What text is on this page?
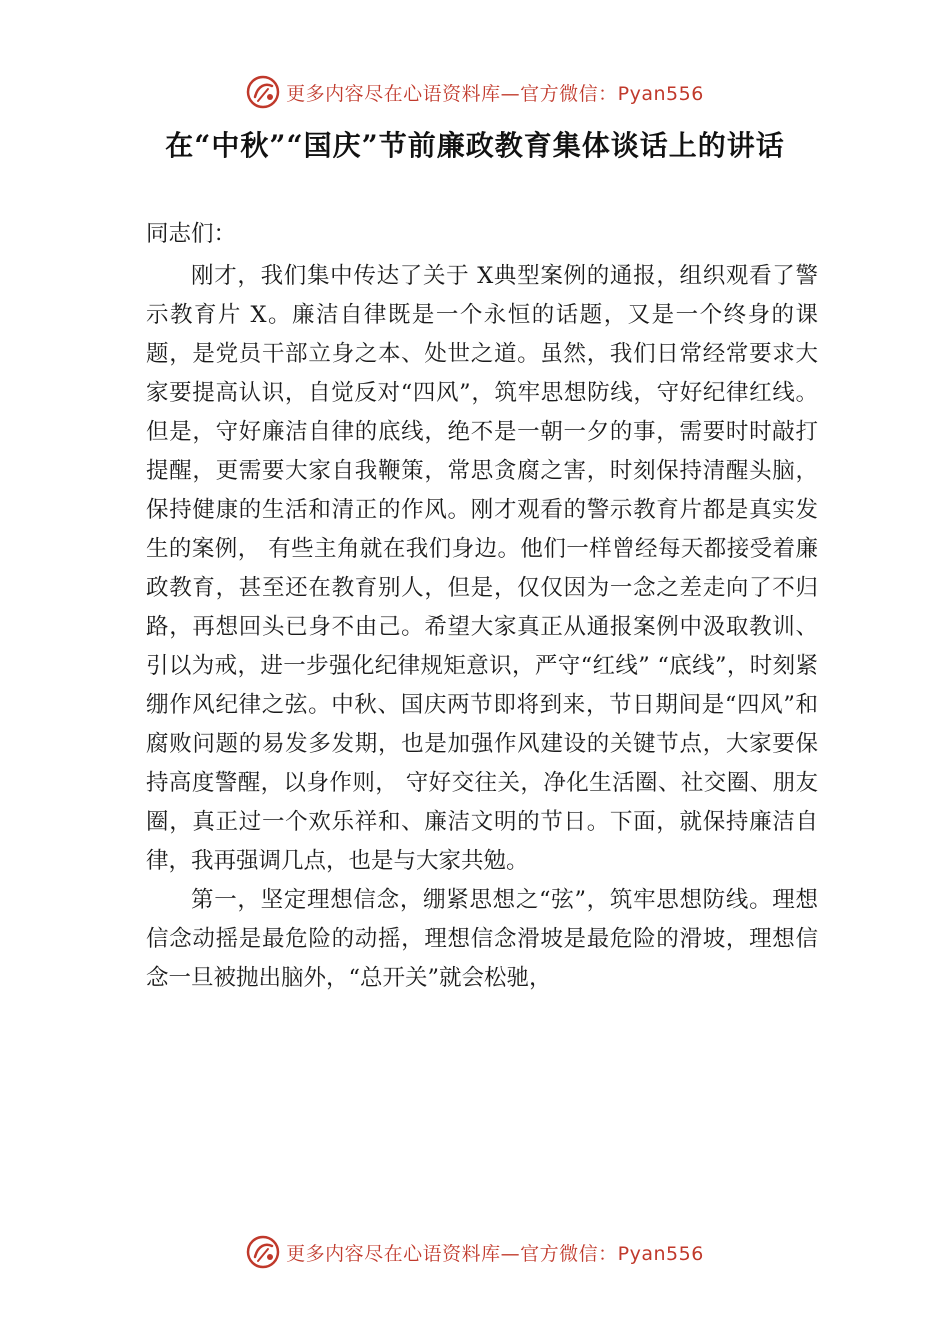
更多内容尽在心语资料库—官方微信：Pyan556
在“中秋”“国庆”节前廉政教育集体谈话上的讲话

同志们：

刚才，我们集中传达了关于 X典型案例的通报，组织观看了警示教育片 X。廉洁自律既是一个永恒的话题，又是一个终身的课题，是党员干部立身之本、处世之道。虽然，我们日常经常要求大家要提高认识，自觉反对“四风”，筑牢思想防线，守好纪律红线。但是，守好廉洁自律的底线，绝不是一朝一夕的事，需要时时敲打提醒，更需要大家自我鞭策，常思贪腐之害，时刻保持清醒头脑，保持健康的生活和清正的作风。刚才观看的警示教育片都是真实发生的案例， 有些主角就在我们身边。他们一样曾经每天都接受着廉政教育，甚至还在教育别人，但是，仅仅因为一念之差走向了不归路，再想回头已身不由己。希望大家真正从通报案例中汲取教训、引以为戒，进一步强化纪律规矩意识，严守“红线” “底线”，时刻紧绷作风纪律之弦。中秋、国庆两节即将到来，节日期间是“四风”和腐败问题的易发多发期，也是加强作风建设的关键节点，大家要保持高度警醒，以身作则， 守好交往关，净化生活圈、社交圈、朋友圈，真正过一个欢乐祥和、廉洁文明的节日。下面，就保持廉洁自律，我再强调几点，也是与大家共勉。

第一，坚定理想信念，绷紧思想之“弦”，筑牢思想防线。理想信念动摇是最危险的动摇，理想信念滑坡是最危险的滑坡，理想信念一旦被抛出脑外，“总开关”就会松驰，

更多内容尽在心语资料库—官方微信：Pyan556
